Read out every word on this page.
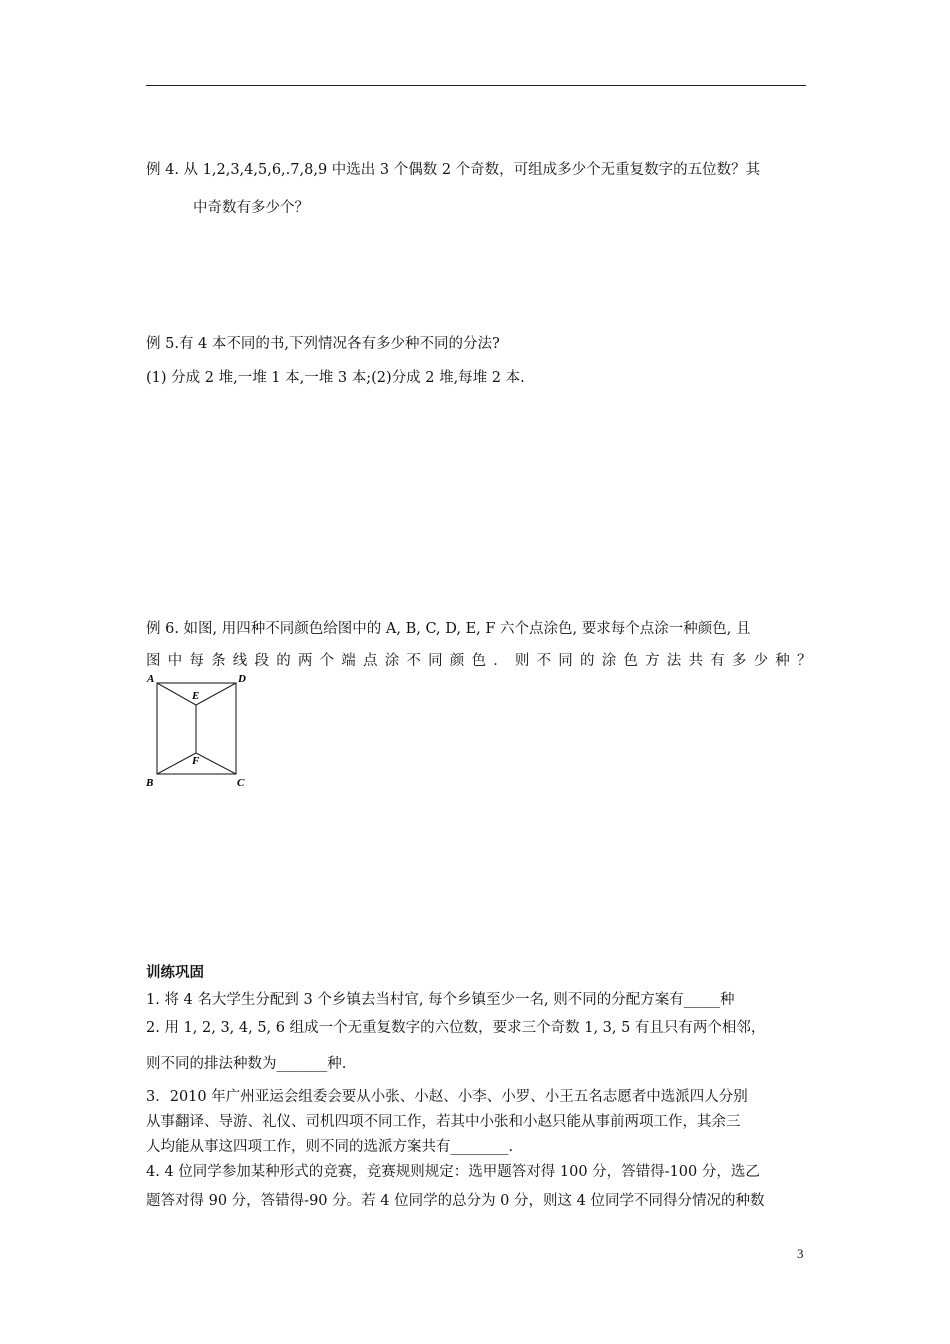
例 4. 从 1,2,3,4,5,6,.7,8,9 中选出 3 个偶数 2 个奇数，可组成多少个无重复数字的五位数？其
中奇数有多少个？
例 5.有 4 本不同的书,下列情况各有多少种不同的分法?
(1) 分成 2 堆,一堆 1 本,一堆 3 本;(2)分成 2 堆,每堆 2 本.
例 6. 如图, 用四种不同颜色给图中的 A, B, C, D, E, F 六个点涂色, 要求每个点涂一种颜色, 且
图中每条线段的两个端点涂不同颜色．则不同的涂色方法共有多少种？
A	D
E
F
B	C
训练巩固
1. 将 4 名大学生分配到 3 个乡镇去当村官, 每个乡镇至少一名, 则不同的分配方案有_____种
2. 用 1, 2, 3, 4, 5, 6 组成一个无重复数字的六位数，要求三个奇数 1, 3, 5 有且只有两个相邻，
则不同的排法种数为_______种.
3．2010 年广州亚运会组委会要从小张、小赵、小李、小罗、小王五名志愿者中选派四人分别
从事翻译、导游、礼仪、司机四项不同工作，若其中小张和小赵只能从事前两项工作，其余三
人均能从事这四项工作，则不同的选派方案共有________.
4. 4 位同学参加某种形式的竞赛，竞赛规则规定：选甲题答对得 100 分，答错得-100 分，选乙
题答对得 90 分，答错得-90 分。若 4 位同学的总分为 0 分，则这 4 位同学不同得分情况的种数
3
